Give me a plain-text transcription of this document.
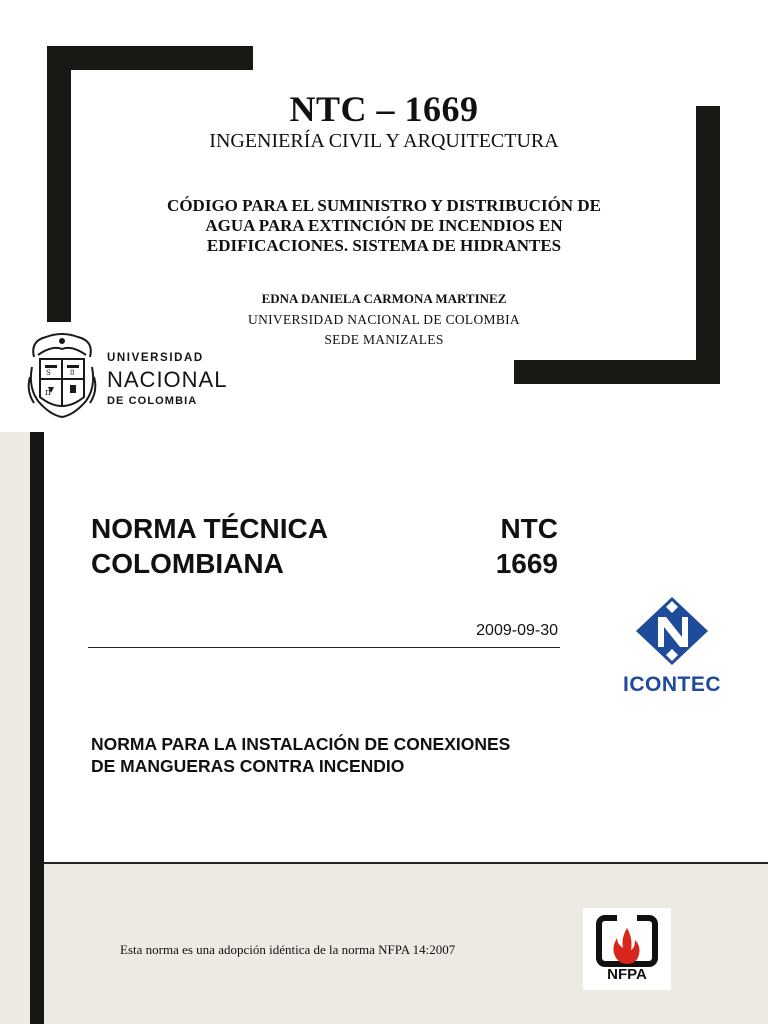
NTC – 1669
INGENIERÍA CIVIL Y ARQUITECTURA
CÓDIGO PARA EL SUMINISTRO Y DISTRIBUCIÓN DE
AGUA PARA EXTINCIÓN DE INCENDIOS EN
EDIFICACIONES. SISTEMA DE HIDRANTES
EDNA DANIELA CARMONA MARTINEZ
UNIVERSIDAD NACIONAL DE COLOMBIA
SEDE MANIZALES
S	8
π
UNIVERSIDAD
NACIONAL
DE COLOMBIA
NORMA TÉCNICA
COLOMBIANA
NTC
1669
2009-09-30
NORMA PARA LA INSTALACIÓN DE CONEXIONES
DE MANGUERAS CONTRA INCENDIO
ICONTEC
Esta norma es una adopción idéntica de la norma NFPA 14:2007
NFPA
